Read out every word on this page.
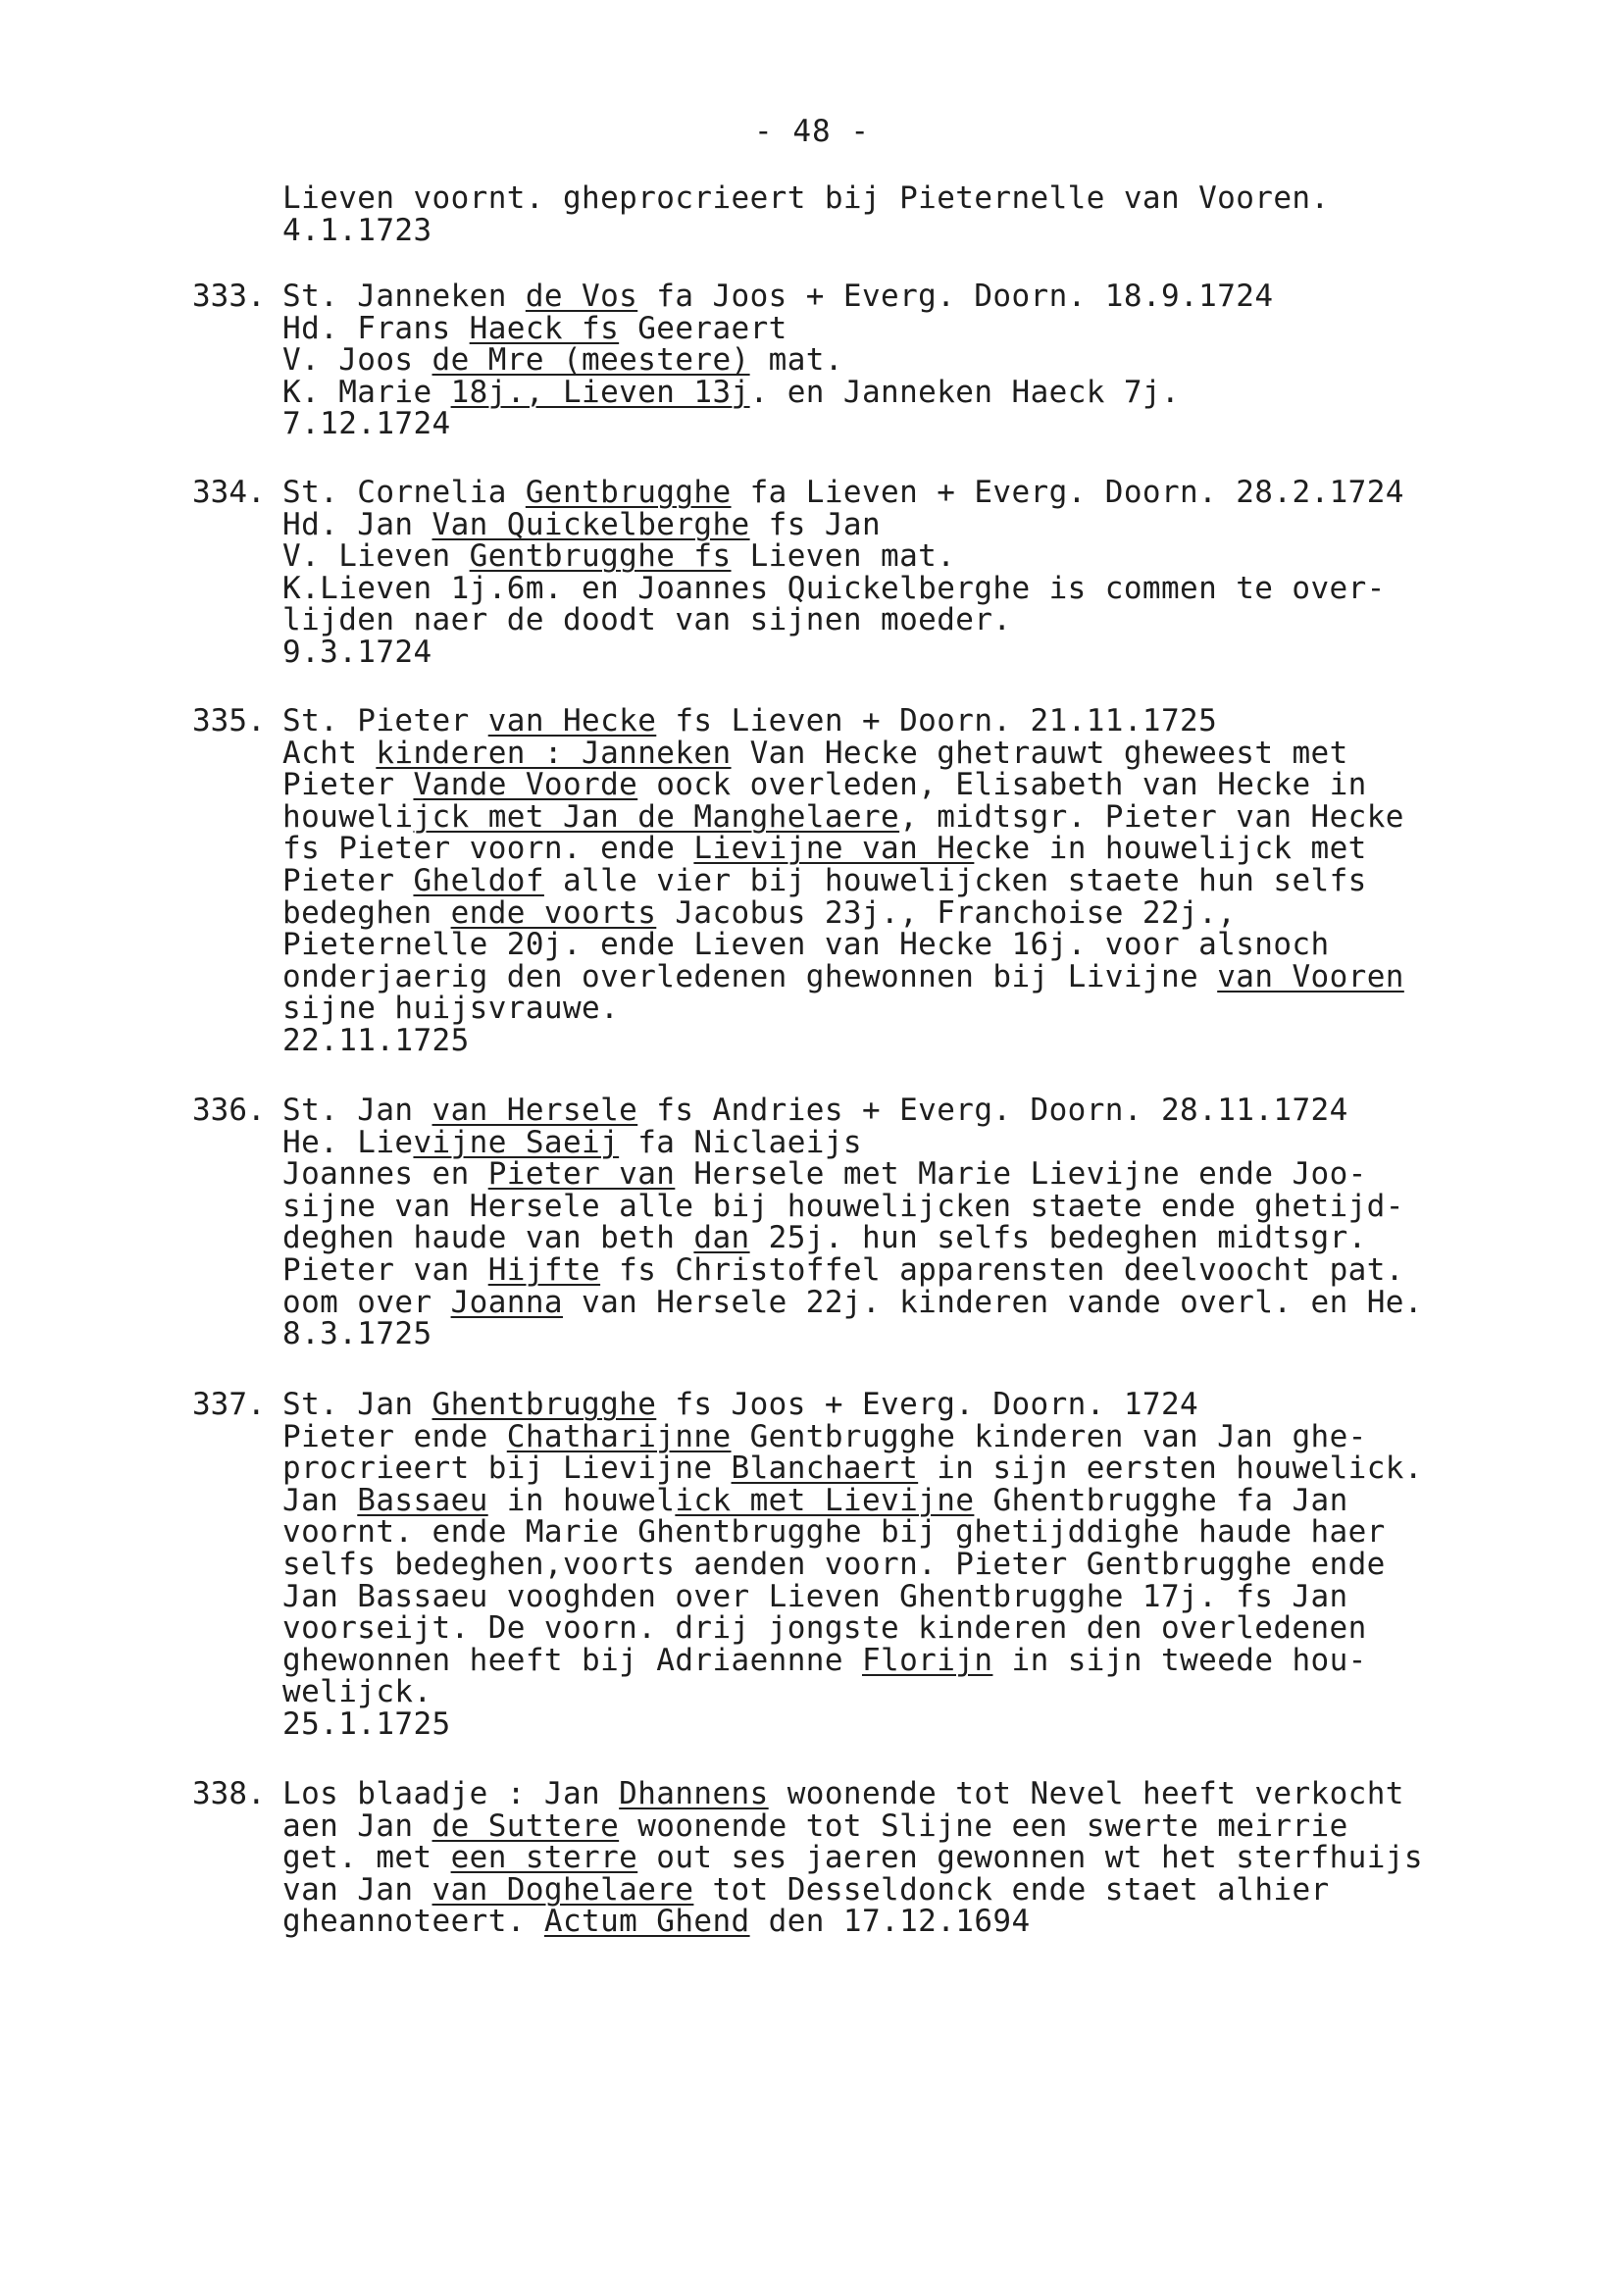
- 48 -
Lieven voornt. gheprocrieert bij Pieternelle van Vooren.
4.1.1723
333. St. Janneken de Vos fa Joos + Everg. Doorn. 18.9.1724
Hd. Frans Haeck fs Geeraert
V. Joos de Mre (meestere) mat.
K. Marie 18j., Lieven 13j. en Janneken Haeck 7j.
7.12.1724
334. St. Cornelia Gentbrugghe fa Lieven + Everg. Doorn. 28.2.1724
Hd. Jan Van Quickelberghe fs Jan
V. Lieven Gentbrugghe fs Lieven mat.
K.Lieven 1j.6m. en Joannes Quickelberghe is commen te over-
lijden naer de doodt van sijnen moeder.
9.3.1724
335. St. Pieter van Hecke fs Lieven + Doorn. 21.11.1725
Acht kinderen : Janneken Van Hecke ghetrauwt gheweest met
Pieter Vande Voorde oock overleden, Elisabeth van Hecke in
houwelijck met Jan de Manghelaere, midtsgr. Pieter van Hecke
fs Pieter voorn. ende Lievijne van Hecke in houwelijck met
Pieter Gheldof alle vier bij houwelijcken staete hun selfs
bedeghen ende voorts Jacobus 23j., Franchoise 22j.,
Pieternelle 20j. ende Lieven van Hecke 16j. voor alsnoch
onderjaerig den overledenen ghewonnen bij Livijne van Vooren
sijne huijsvrauwe.
22.11.1725
336. St. Jan van Hersele fs Andries + Everg. Doorn. 28.11.1724
He. Lievijne Saeij fa Niclaeijs
Joannes en Pieter van Hersele met Marie Lievijne ende Joo-
sijne van Hersele alle bij houwelijcken staete ende ghetijd-
deghen haude van beth dan 25j. hun selfs bedeghen midtsgr.
Pieter van Hijfte fs Christoffel apparensten deelvoocht pat.
oom over Joanna van Hersele 22j. kinderen vande overl. en He.
8.3.1725
337. St. Jan Ghentbrugghe fs Joos + Everg. Doorn. 1724
Pieter ende Chatharijnne Gentbrugghe kinderen van Jan ghe-
procrieert bij Lievijne Blanchaert in sijn eersten houwelick.
Jan Bassaeu in houwelick met Lievijne Ghentbrugghe fa Jan
voornt. ende Marie Ghentbrugghe bij ghetijddighe haude haer
selfs bedeghen,voorts aenden voorn. Pieter Gentbrugghe ende
Jan Bassaeu vooghden over Lieven Ghentbrugghe 17j. fs Jan
voorseijt. De voorn. drij jongste kinderen den overledenen
ghewonnen heeft bij Adriaennne Florijn in sijn tweede hou-
welijck.
25.1.1725
338. Los blaadje : Jan Dhannens woonende tot Nevel heeft verkocht
aen Jan de Suttere woonende tot Slijne een swerte meirrie
get. met een sterre out ses jaeren gewonnen wt het sterfhuijs
van Jan van Doghelaere tot Desseldonck ende staet alhier
gheannoteert. Actum Ghend den 17.12.1694
